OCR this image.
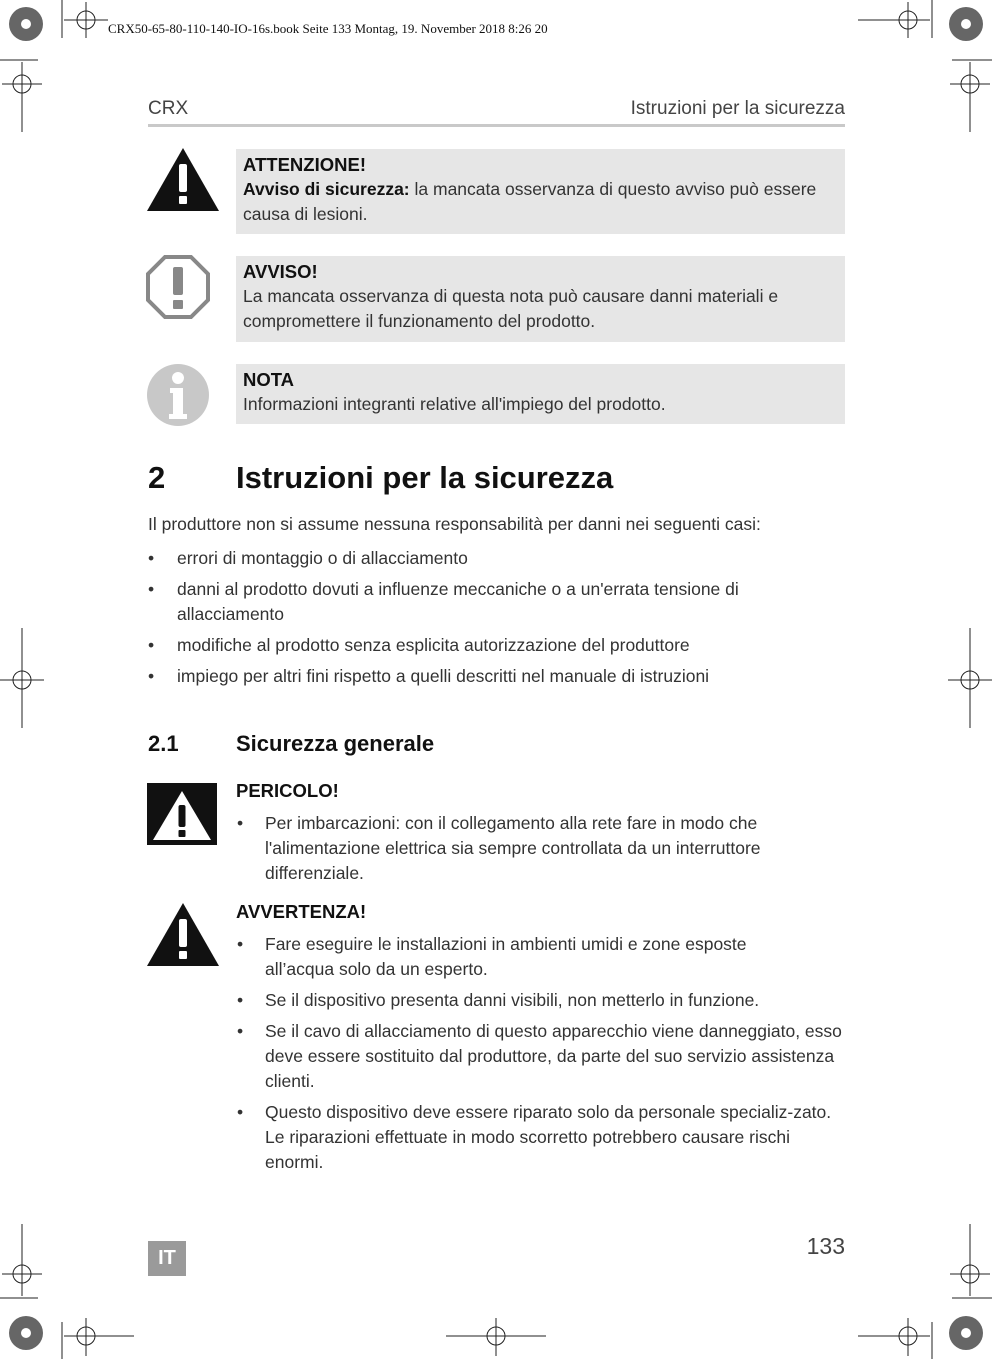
CRX50-65-80-110-140-IO-16s.book Seite 133 Montag, 19. November 2018 8:26 20
CRX	Istruzioni per la sicurezza
ATTENZIONE!
Avviso di sicurezza: la mancata osservanza di questo avviso può essere causa di lesioni.
AVVISO!
La mancata osservanza di questa nota può causare danni materiali e compromettere il funzionamento del prodotto.
NOTA
Informazioni integranti relative all'impiego del prodotto.
2 Istruzioni per la sicurezza
Il produttore non si assume nessuna responsabilità per danni nei seguenti casi:
• errori di montaggio o di allacciamento
• danni al prodotto dovuti a influenze meccaniche o a un'errata tensione di allacciamento
• modifiche al prodotto senza esplicita autorizzazione del produttore
• impiego per altri fini rispetto a quelli descritti nel manuale di istruzioni
2.1	Sicurezza generale
PERICOLO!
• Per imbarcazioni: con il collegamento alla rete fare in modo che l'alimentazione elettrica sia sempre controllata da un interruttore differenziale.
AVVERTENZA!
• Fare eseguire le installazioni in ambienti umidi e zone esposte all’acqua solo da un esperto.
• Se il dispositivo presenta danni visibili, non metterlo in funzione.
• Se il cavo di allacciamento di questo apparecchio viene danneggiato, esso deve essere sostituito dal produttore, da parte del suo servizio assistenza clienti.
• Questo dispositivo deve essere riparato solo da personale specializ-zato. Le riparazioni effettuate in modo scorretto potrebbero causare rischi enormi.
133
IT
